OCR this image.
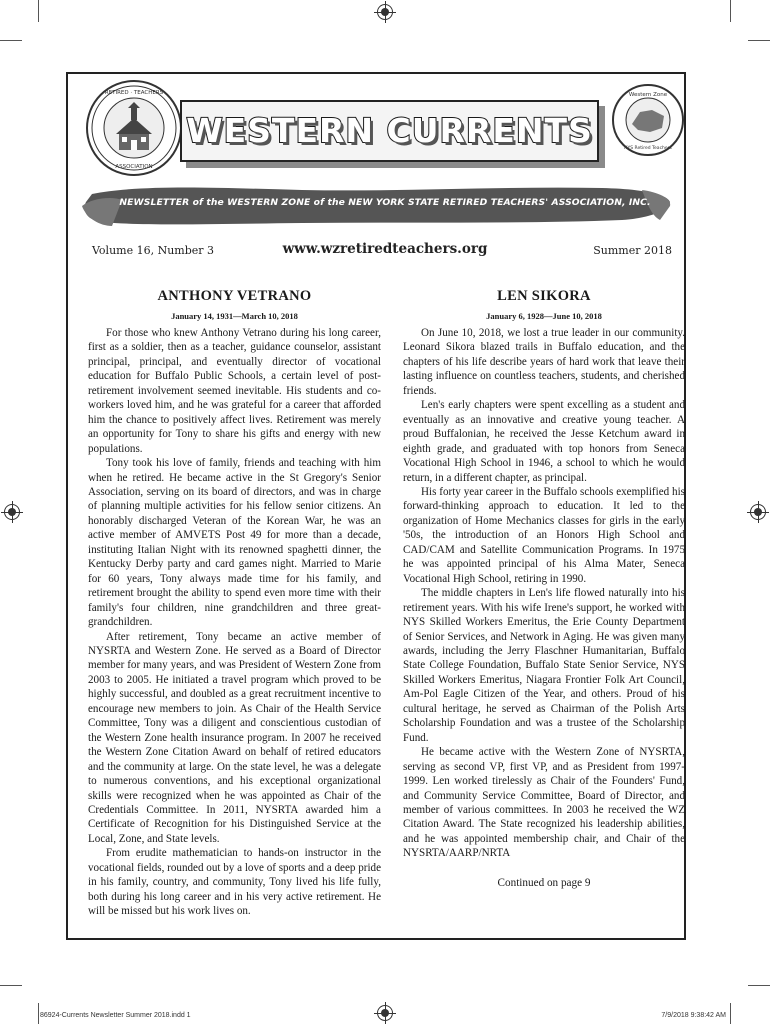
RETIRED · TEACHERS
ASSOCIATION
Western Zone
NYS Retired Teachers
WESTERN CURRENTS
NEWSLETTER of the WESTERN ZONE of the NEW YORK STATE RETIRED TEACHERS' ASSOCIATION, INC.
Volume 16, Number 3	www.wzretiredteachers.org	Summer 2018
ANTHONY VETRANO
January 14, 1931—March 10, 2018

For those who knew Anthony Vetrano during his long career, first as a soldier, then as a teacher, guidance counselor, assistant principal, principal, and eventually director of vocational education for Buffalo Public Schools, a certain level of post-retirement involvement seemed inevitable. His students and co-workers loved him, and he was grateful for a career that afforded him the chance to positively affect lives. Retirement was merely an opportunity for Tony to share his gifts and energy with new populations.

Tony took his love of family, friends and teaching with him when he retired. He became active in the St Gregory's Senior Association, serving on its board of directors, and was in charge of planning multiple activities for his fellow senior citizens. An honorably discharged Veteran of the Korean War, he was an active member of AMVETS Post 49 for more than a decade, instituting Italian Night with its renowned spaghetti dinner, the Kentucky Derby party and card games night. Married to Marie for 60 years, Tony always made time for his family, and retirement brought the ability to spend even more time with their family's four children, nine grandchildren and three great-grandchildren.

After retirement, Tony became an active member of NYSRTA and Western Zone. He served as a Board of Director member for many years, and was President of Western Zone from 2003 to 2005. He initiated a travel program which proved to be highly successful, and doubled as a great recruitment incentive to encourage new members to join. As Chair of the Health Service Committee, Tony was a diligent and conscientious custodian of the Western Zone health insurance program. In 2007 he received the Western Zone Citation Award on behalf of retired educators and the community at large. On the state level, he was a delegate to numerous conventions, and his exceptional organizational skills were recognized when he was appointed as Chair of the Credentials Committee. In 2011, NYSRTA awarded him a Certificate of Recognition for his Distinguished Service at the Local, Zone, and State levels.

From erudite mathematician to hands-on instructor in the vocational fields, rounded out by a love of sports and a deep pride in his family, country, and community, Tony lived his life fully, both during his long career and in his very active retirement. He will be missed but his work lives on.

LEN SIKORA
January 6, 1928—June 10, 2018

On June 10, 2018, we lost a true leader in our community. Leonard Sikora blazed trails in Buffalo education, and the chapters of his life describe years of hard work that leave their lasting influence on countless teachers, students, and cherished friends.

Len's early chapters were spent excelling as a student and eventually as an innovative and creative young teacher. A proud Buffalonian, he received the Jesse Ketchum award in eighth grade, and graduated with top honors from Seneca Vocational High School in 1946, a school to which he would return, in a different chapter, as principal.

His forty year career in the Buffalo schools exemplified his forward-thinking approach to education. It led to the organization of Home Mechanics classes for girls in the early '50s, the introduction of an Honors High School and CAD/CAM and Satellite Communication Programs. In 1975 he was appointed principal of his Alma Mater, Seneca Vocational High School, retiring in 1990.

The middle chapters in Len's life flowed naturally into his retirement years. With his wife Irene's support, he worked with NYS Skilled Workers Emeritus, the Erie County Department of Senior Services, and Network in Aging. He was given many awards, including the Jerry Flaschner Humanitarian, Buffalo State College Foundation, Buffalo State Senior Service, NYS Skilled Workers Emeritus, Niagara Frontier Folk Art Council, Am-Pol Eagle Citizen of the Year, and others. Proud of his cultural heritage, he served as Chairman of the Polish Arts Scholarship Foundation and was a trustee of the Scholarship Fund.

He became active with the Western Zone of NYSRTA, serving as second VP, first VP, and as President from 1997-1999. Len worked tirelessly as Chair of the Founders' Fund, and Community Service Committee, Board of Director, and member of various committees. In 2003 he received the WZ Citation Award. The State recognized his leadership abilities, and he was appointed membership chair, and Chair of the NYSRTA/AARP/NRTA

Continued on page 9
86924-Currents Newsletter Summer 2018.indd 1	7/9/2018 9:38:42 AM
